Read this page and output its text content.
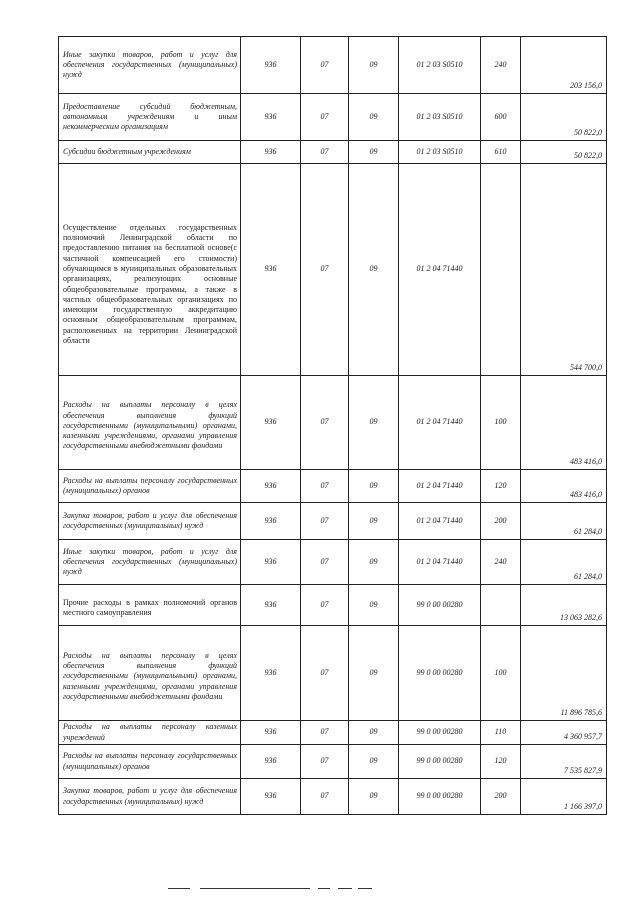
Иные закупки товаров, работ и услуг для обеспечения государственных (муниципальных) нужд	936	07	09	01 2 03 S0510	240	203 156,0
Предоставление субсидий бюджетным, автономным учреждениям и иным некоммерческим организациям	936	07	09	01 2 03 S0510	600	50 822,0
Субсидии бюджетным учреждениям	936	07	09	01 2 03 S0510	610	50 822,0
Осуществление отдельных государственных полномочий Ленинградской области по предоставлению питания на бесплатной основе(с частичной компенсацией его стоимости) обучающимся в муниципальных образовательных организациях, реализующих основные общеобразовательные программы, а также в частных общеобразовательных организациях по имеющим государственную аккредитацию основным общеобразовательным программам, расположенных на территории Ленинградской области	936	07	09	01 2 04 71440		544 700,0
Расходы на выплаты персоналу в целях обеспечения выполнения функций государственными (муниципальными) органами, казенными учреждениями, органами управления государственными внебюджетными фондами	936	07	09	01 2 04 71440	100	483 416,0
Расходы на выплаты персоналу государственных (муниципальных) органов	936	07	09	01 2 04 71440	120	483 416,0
Закупка товаров, работ и услуг для обеспечения государственных (муниципальных) нужд	936	07	09	01 2 04 71440	200	61 284,0
Иные закупки товаров, работ и услуг для обеспечения государственных (муниципальных) нужд	936	07	09	01 2 04 71440	240	61 284,0
Прочие расходы в рамках полномочий органов местного самоуправления	936	07	09	99 0 00 00280		13 063 282,6
Расходы на выплаты персоналу в целях обеспечения выполнения функций государственными (муниципальными) органами, казенными учреждениями, органами управления государственными внебюджетными фондами	936	07	09	99 0 00 00280	100	11 896 785,6
Расходы на выплаты персоналу казенных учреждений	936	07	09	99 0 00 00280	110	4 360 957,7
Расходы на выплаты персоналу государственных (муниципальных) органов	936	07	09	99 0 00 00280	120	7 535 827,9
Закупка товаров, работ и услуг для обеспечения государственных (муниципальных) нужд	936	07	09	99 0 00 00280	200	1 166 397,0
